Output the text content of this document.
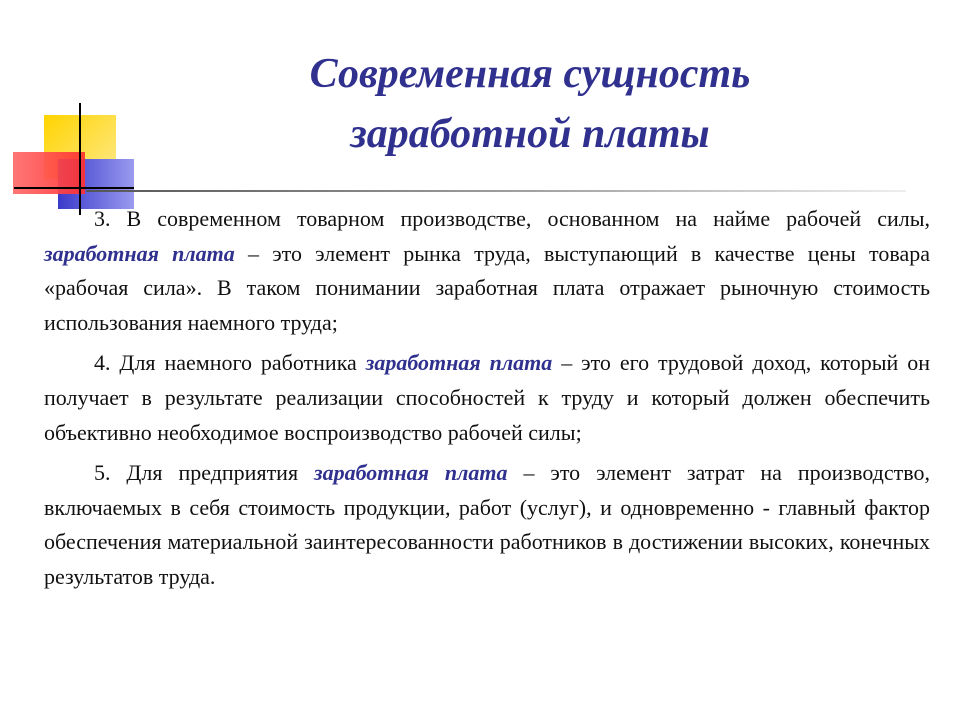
Современная сущность
заработной платы

3. В современном товарном производстве, основанном на найме рабочей силы, заработная плата – это элемент рынка труда, выступающий в качестве цены товара «рабочая сила». В таком понимании заработная плата отражает рыночную стоимость использования наемного труда;

4. Для наемного работника заработная плата – это его трудовой доход, который он получает в результате реализации способностей к труду и который должен обеспечить объективно необходимое воспроизводство рабочей силы;

5. Для предприятия заработная плата – это элемент затрат на производство, включаемых в себя стоимость продукции, работ (услуг), и одновременно - главный фактор обеспечения материальной заинтересованности работников в достижении высоких, конечных результатов труда.
